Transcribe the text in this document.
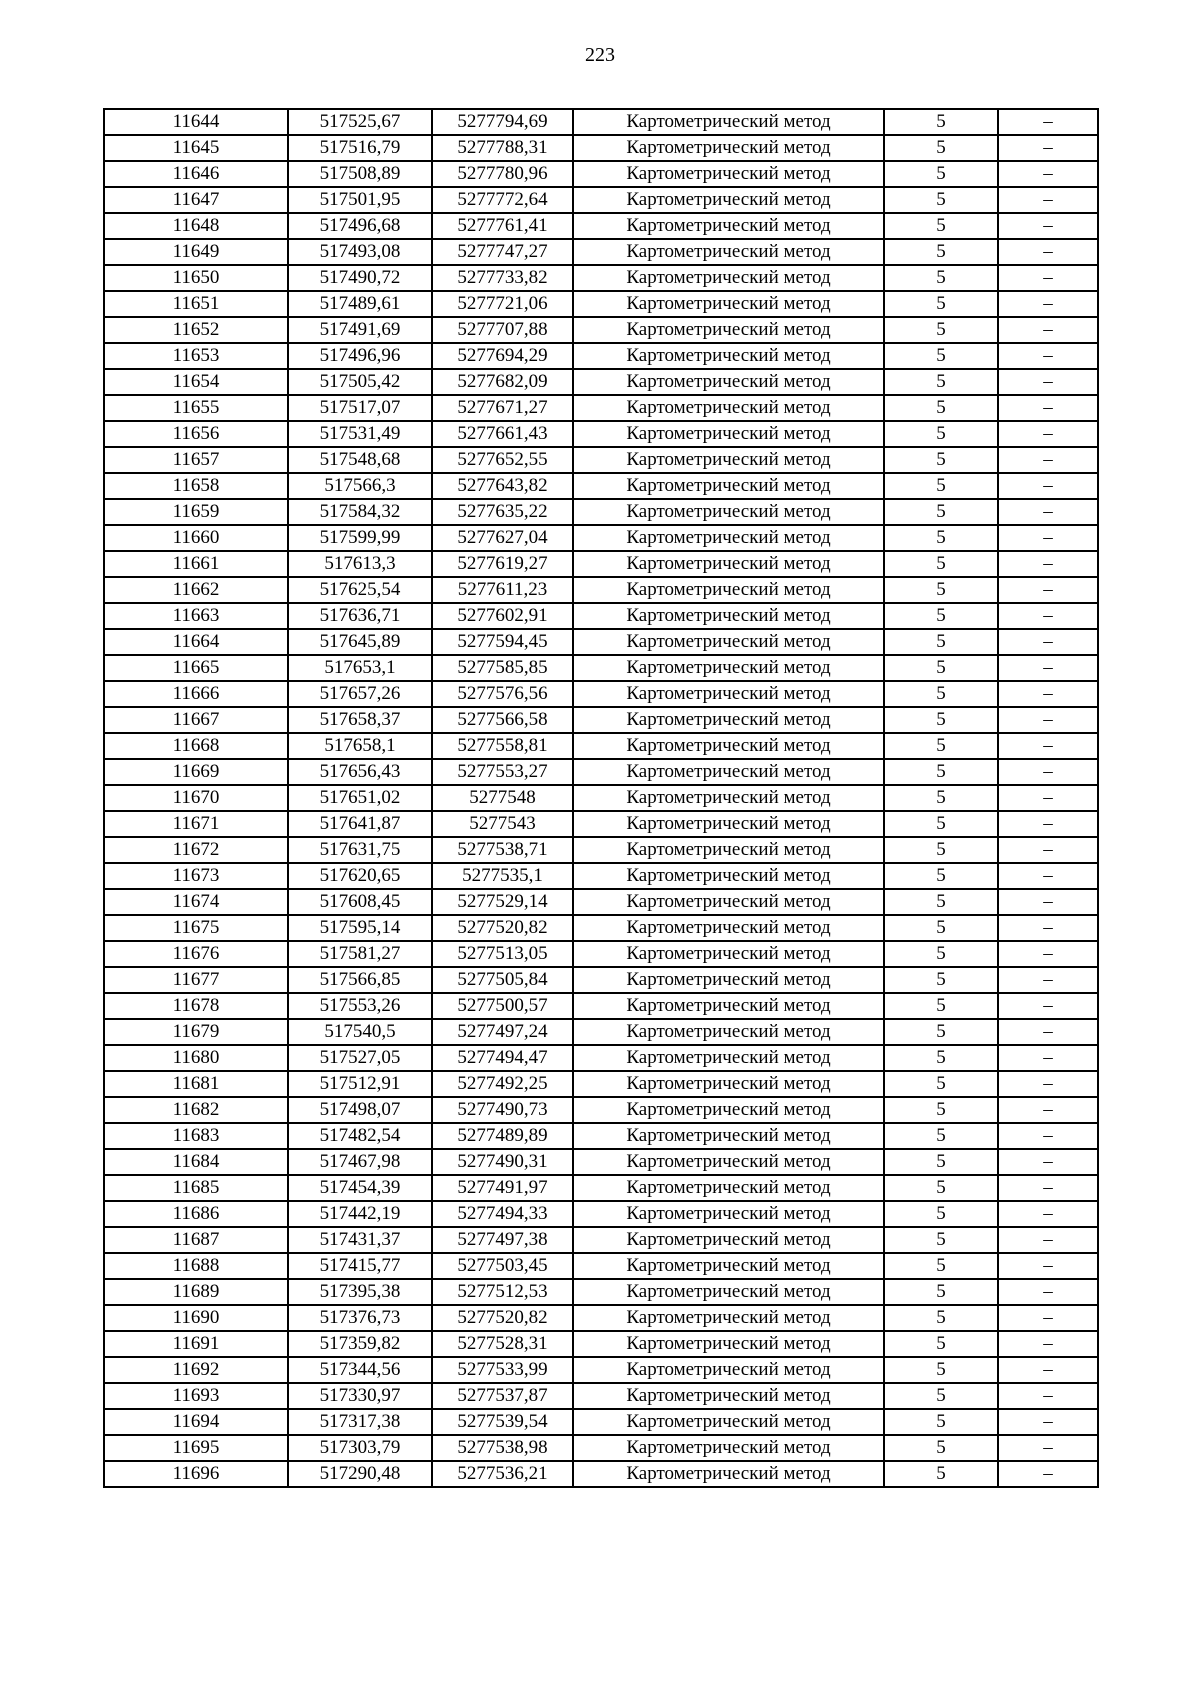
223
11644	517525,67	5277794,69	Картометрический метод	5	–
11645	517516,79	5277788,31	Картометрический метод	5	–
11646	517508,89	5277780,96	Картометрический метод	5	–
11647	517501,95	5277772,64	Картометрический метод	5	–
11648	517496,68	5277761,41	Картометрический метод	5	–
11649	517493,08	5277747,27	Картометрический метод	5	–
11650	517490,72	5277733,82	Картометрический метод	5	–
11651	517489,61	5277721,06	Картометрический метод	5	–
11652	517491,69	5277707,88	Картометрический метод	5	–
11653	517496,96	5277694,29	Картометрический метод	5	–
11654	517505,42	5277682,09	Картометрический метод	5	–
11655	517517,07	5277671,27	Картометрический метод	5	–
11656	517531,49	5277661,43	Картометрический метод	5	–
11657	517548,68	5277652,55	Картометрический метод	5	–
11658	517566,3	5277643,82	Картометрический метод	5	–
11659	517584,32	5277635,22	Картометрический метод	5	–
11660	517599,99	5277627,04	Картометрический метод	5	–
11661	517613,3	5277619,27	Картометрический метод	5	–
11662	517625,54	5277611,23	Картометрический метод	5	–
11663	517636,71	5277602,91	Картометрический метод	5	–
11664	517645,89	5277594,45	Картометрический метод	5	–
11665	517653,1	5277585,85	Картометрический метод	5	–
11666	517657,26	5277576,56	Картометрический метод	5	–
11667	517658,37	5277566,58	Картометрический метод	5	–
11668	517658,1	5277558,81	Картометрический метод	5	–
11669	517656,43	5277553,27	Картометрический метод	5	–
11670	517651,02	5277548	Картометрический метод	5	–
11671	517641,87	5277543	Картометрический метод	5	–
11672	517631,75	5277538,71	Картометрический метод	5	–
11673	517620,65	5277535,1	Картометрический метод	5	–
11674	517608,45	5277529,14	Картометрический метод	5	–
11675	517595,14	5277520,82	Картометрический метод	5	–
11676	517581,27	5277513,05	Картометрический метод	5	–
11677	517566,85	5277505,84	Картометрический метод	5	–
11678	517553,26	5277500,57	Картометрический метод	5	–
11679	517540,5	5277497,24	Картометрический метод	5	–
11680	517527,05	5277494,47	Картометрический метод	5	–
11681	517512,91	5277492,25	Картометрический метод	5	–
11682	517498,07	5277490,73	Картометрический метод	5	–
11683	517482,54	5277489,89	Картометрический метод	5	–
11684	517467,98	5277490,31	Картометрический метод	5	–
11685	517454,39	5277491,97	Картометрический метод	5	–
11686	517442,19	5277494,33	Картометрический метод	5	–
11687	517431,37	5277497,38	Картометрический метод	5	–
11688	517415,77	5277503,45	Картометрический метод	5	–
11689	517395,38	5277512,53	Картометрический метод	5	–
11690	517376,73	5277520,82	Картометрический метод	5	–
11691	517359,82	5277528,31	Картометрический метод	5	–
11692	517344,56	5277533,99	Картометрический метод	5	–
11693	517330,97	5277537,87	Картометрический метод	5	–
11694	517317,38	5277539,54	Картометрический метод	5	–
11695	517303,79	5277538,98	Картометрический метод	5	–
11696	517290,48	5277536,21	Картометрический метод	5	–
